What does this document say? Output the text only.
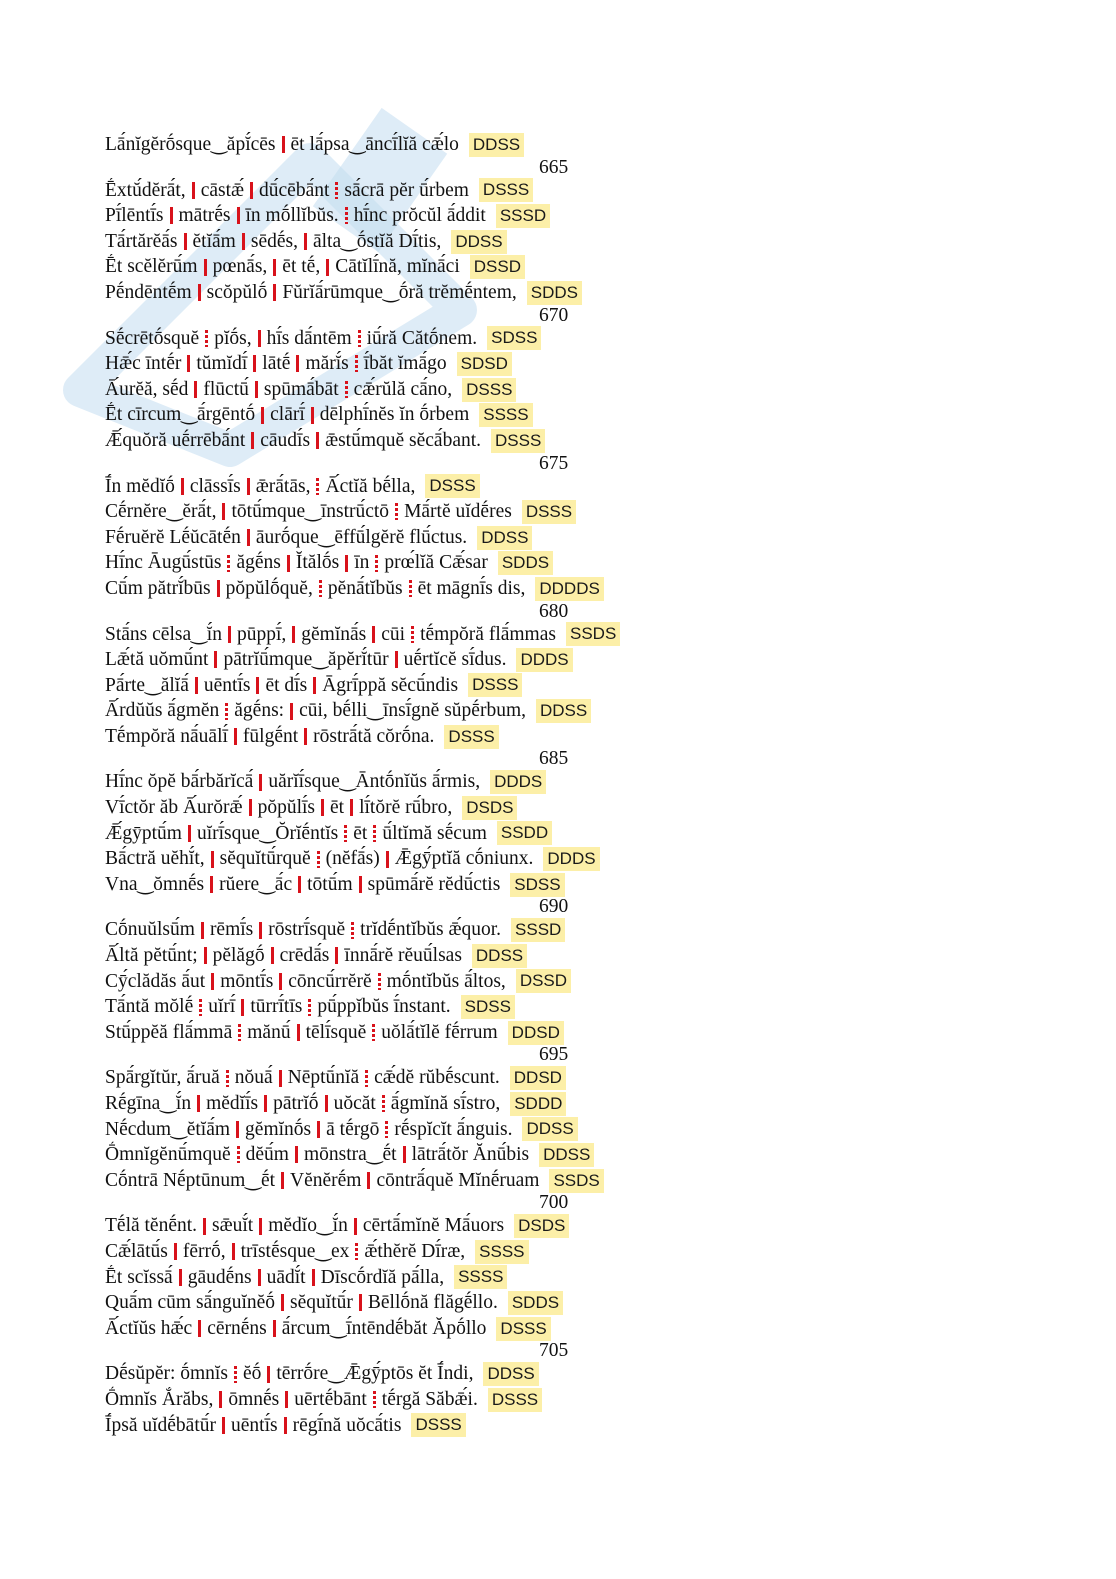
Lā́nĭgĕrṓsque‿ăpĭ́cēs ēt lā́psa‿āncī́lĭă cǣ́lo DDSS
665
Ḗxtŭ́dĕrā́t, cāstǣ́ dū́cēbā́nt sā́crā pĕr ū́rbem DSSS
Pī́lēntī́s mātrḗs īn mṓllĭbŭs. hī́nc prŏcŭl ā́ddit SSSD
Tā́rtărĕā́s ĕtĭā́m sēdḗs, ālta‿ṓstĭă Dī́tis, DDSS
Ḗt scĕlĕrū́m pœnā́s, ēt tḗ, Cātĭlī́nă, mĭnā́ci DSSD
Pḗndēntḗm scŏpŭlṓ Fŭrĭā́rūmque‿ṓră trĕmḗntem, SDDS
670
Sḗcrētṓsquĕ pĭṓs, hī́s dā́ntēm iū́ră Cătṓnem. SDSS
Hǣ́c īntḗr tŭmĭdī́ lātḗ mărĭ́s ī́băt ĭmā́go SDSD
Ā́urĕă, sḗd flūctū́ spūmā́bāt cǣ́rŭlă cā́no, DSSS
Ḗt cīrcum‿ā́rgēntṓ clārī́ dēlphī́nĕs ĭn ṓrbem SSSS
Ǣ́quŏră uḗrrēbā́nt cāudī́s ǣstū́mquĕ sĕcā́bant. DSSS
675
Ī́n mĕdĭṓ clāssī́s ǣrā́tās, Ā́ctĭă bḗlla, DSSS
Cḗrnĕre‿ĕrā́t, tōtū́mque‿īnstrū́ctō Mā́rtĕ uĭdḗres DSSS
Fḗruĕrĕ Lḗŭcātḗn āurṓque‿ēffū́lgĕrĕ flū́ctus. DDSS
Hī́nc Āugū́stūs ăgḗns Ĭtălṓs īn prœ́lĭă Cǣ́sar SDDS
Cū́m pătrĭ́būs pŏpŭlṓquĕ, pĕnā́tĭbŭs ēt māgnī́s dis, DDDDS
680
Stā́ns cēlsa‿ĭ́n pūppī́, gĕmĭnā́s cūi tḗmpŏră flā́mmas SSDS
Lǣ́tă uŏmū́nt pātrĭū́mque‿ăpĕrĭ́tūr uḗrtĭcĕ sī́dus. DDDS
Pā́rte‿ălĭā́ uēntī́s ēt dī́s Āgrī́ppă sĕcū́ndis DSSS
Ā́rdŭŭs ā́gmĕn ăgḗns: cūi, bḗlli‿īnsī́gnĕ sŭpḗrbum, DDSS
Tḗmpŏră nā́uālī́ fūlgḗnt rōstrā́tă cŏrṓna. DSSS
685
Hī́nc ŏpĕ bā́rbărĭcā́ uărĭī́sque‿Āntṓnĭŭs ā́rmis, DDDS
Vī́ctŏr ăb Ā́urŏrǣ́ pŏpŭlī́s ēt lī́tŏrĕ rū́bro, DSDS
Ǣ́gȳptū́m uĭrī́sque‿Ŏrĭḗntĭs ēt ū́ltĭmă sḗcum SSDD
Bā́ctră uĕhĭ́t, sĕquĭtū́rquĕ (nĕfā́s) Ǣgȳ́ptĭă cṓniunx. DDDS
Vna‿ŏmnḗs rŭere‿ā́c tōtū́m spūmā́rĕ rĕdū́ctis SDSS
690
Cṓnuŭlsū́m rēmī́s rōstrī́squĕ trĭdḗntĭbŭs ǣ́quor. SSSD
Ā́ltă pĕtū́nt; pĕlăgṓ crēdā́s īnnā́rĕ rĕuū́lsas DDSS
Cȳ́clădăs ā́ut mōntī́s cōncū́rrĕrĕ mṓntĭbŭs ā́ltos, DSSD
Tā́ntă mŏlḗ uĭrī́ tūrrī́tīs pū́ppĭbŭs ī́nstant. SDSS
Stū́ppĕă flā́mmā mănū́ tēlī́squĕ uŏlā́tĭlĕ fḗrrum DDSD
695
Spā́rgĭtŭr, ā́ruă nŏuā́ Nēptū́nĭă cǣ́dĕ rŭbḗscunt. DDSD
Rḗgīna‿ĭ́n mĕdĭī́s pātrĭṓ uŏcăt ā́gmĭnă sī́stro, SDDD
Nḗcdum‿ĕtĭā́m gĕmĭnṓs ā tḗrgō rḗspĭcĭt ā́nguis. DDSS
Ṓmnĭgĕnū́mquĕ dĕū́m mōnstra‿ḗt lātrā́tŏr Ănū́bis DDSS
Cṓntrā Nḗptūnum‿ḗt Vĕnĕrḗm cōntrā́quĕ Mĭnḗruam SSDS
700
Tḗlă tĕnḗnt. sǣuĭ́t mĕdĭo‿ĭ́n cērtā́mĭnĕ Mā́uors DSDS
Cǣ́lātū́s fērrṓ, trīstḗsque‿ex ǣ́thĕrĕ Dī́ræ, SSSS
Ḗt scĭssā́ gāudḗns uādĭ́t Dīscṓrdĭă pā́lla, SSSS
Quā́m cūm sā́nguĭnĕṓ sĕquĭtū́r Bēllṓnă flăgḗllo. SDDS
Ā́ctĭŭs hǣ́c cērnḗns ā́rcum‿ī́ntēndḗbăt Ăpṓllo DSSS
705
Dḗsŭpĕr: ṓmnĭs ĕṓ tērrṓre‿Ǣgȳ́ptōs ĕt Ī́ndi, DDSS
Ṓmnĭs Ắrăbs, ōmnḗs uērtḗbānt tḗrgă Săbǣ́i. DSSS
Ī́psă uĭdḗbātū́r uēntī́s rēgī́nă uŏcā́tis DSSS
